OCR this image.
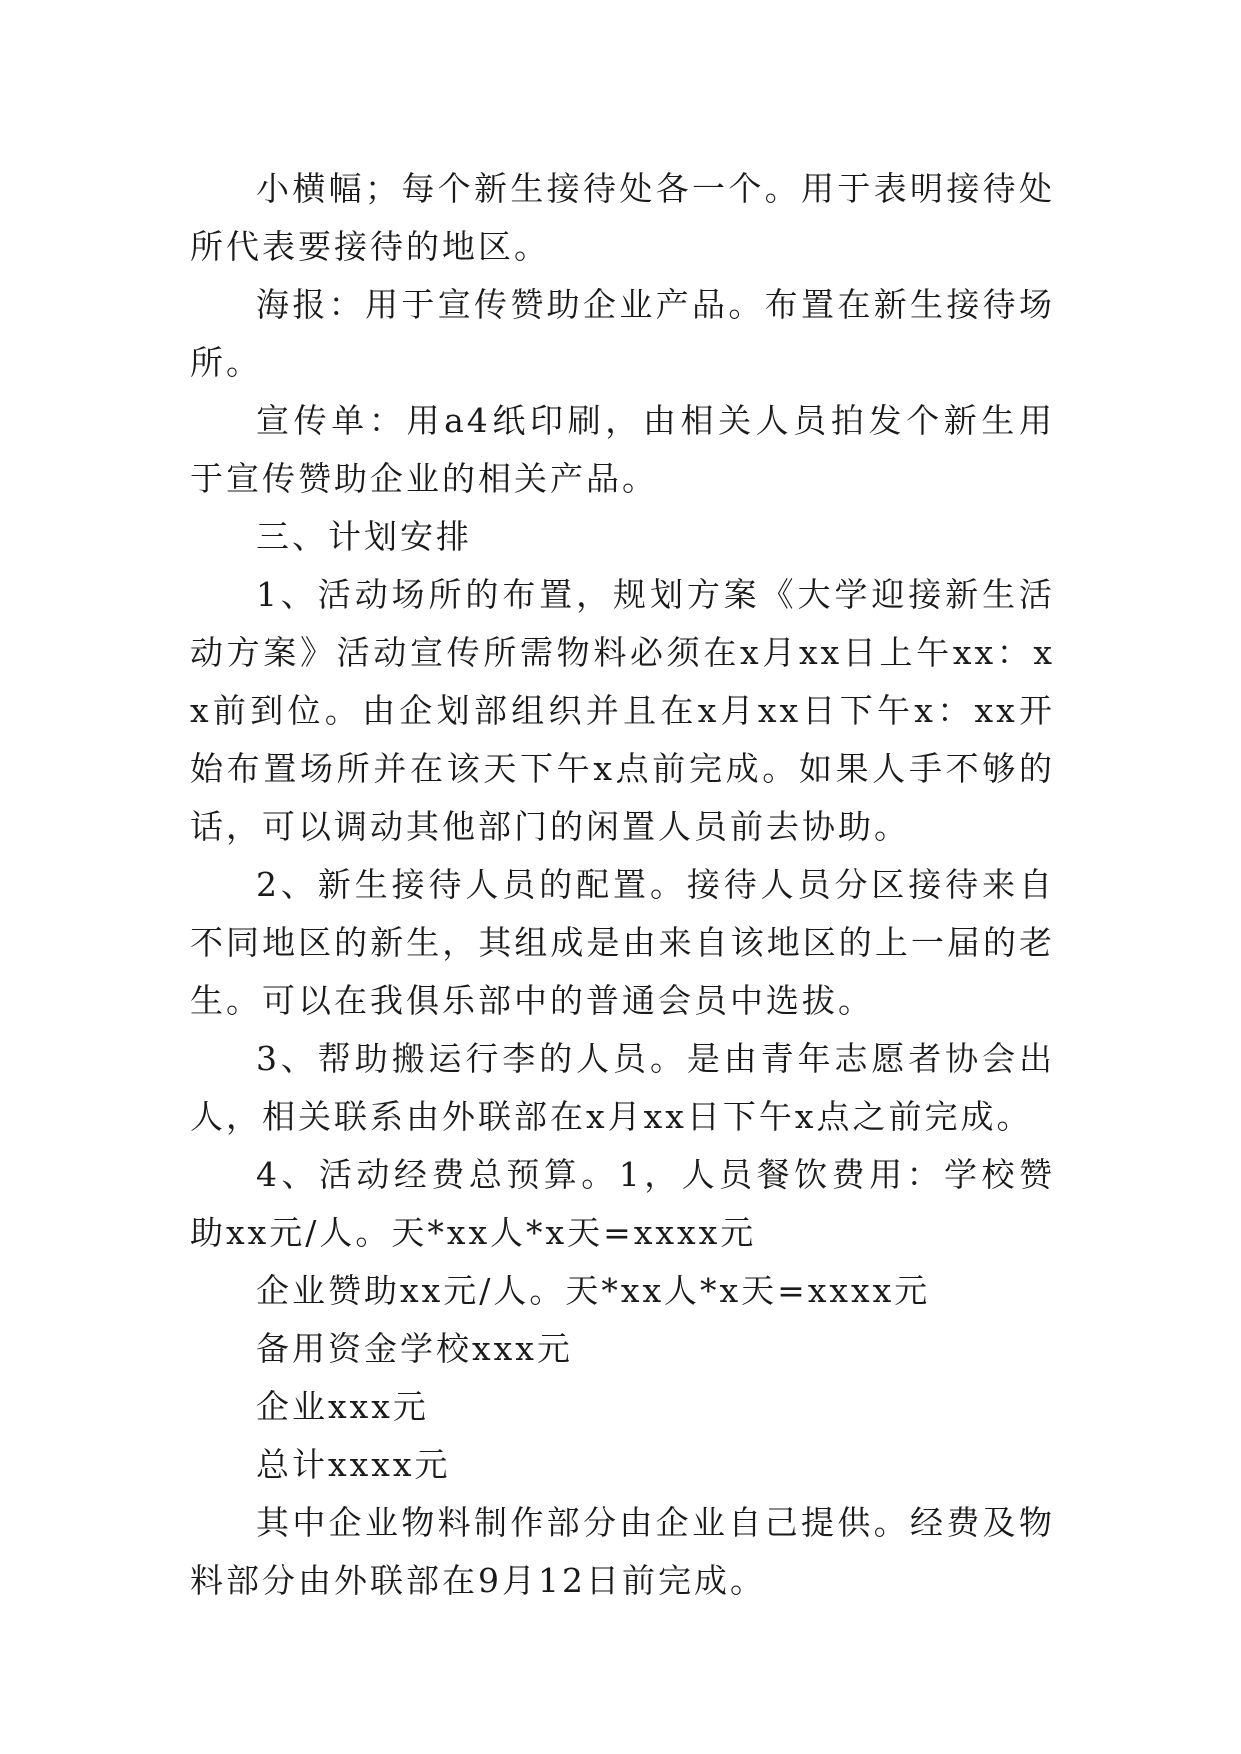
小横幅；每个新生接待处各一个。用于表明接待处所代表要接待的地区。

海报：用于宣传赞助企业产品。布置在新生接待场所。

宣传单：用a4纸印刷，由相关人员拍发个新生用于宣传赞助企业的相关产品。

三、计划安排

1、活动场所的布置，规划方案《大学迎接新生活动方案》活动宣传所需物料必须在x月xx日上午xx：xx前到位。由企划部组织并且在x月xx日下午x：xx开始布置场所并在该天下午x点前完成。如果人手不够的话，可以调动其他部门的闲置人员前去协助。

2、新生接待人员的配置。接待人员分区接待来自不同地区的新生，其组成是由来自该地区的上一届的老生。可以在我俱乐部中的普通会员中选拔。

3、帮助搬运行李的人员。是由青年志愿者协会出人，相关联系由外联部在x月xx日下午x点之前完成。

4、活动经费总预算。1，人员餐饮费用：学校赞助xx元/人。天*xx人*x天=xxxx元

企业赞助xx元/人。天*xx人*x天=xxxx元

备用资金学校xxx元

企业xxx元

总计xxxx元

其中企业物料制作部分由企业自己提供。经费及物料部分由外联部在9月12日前完成。
